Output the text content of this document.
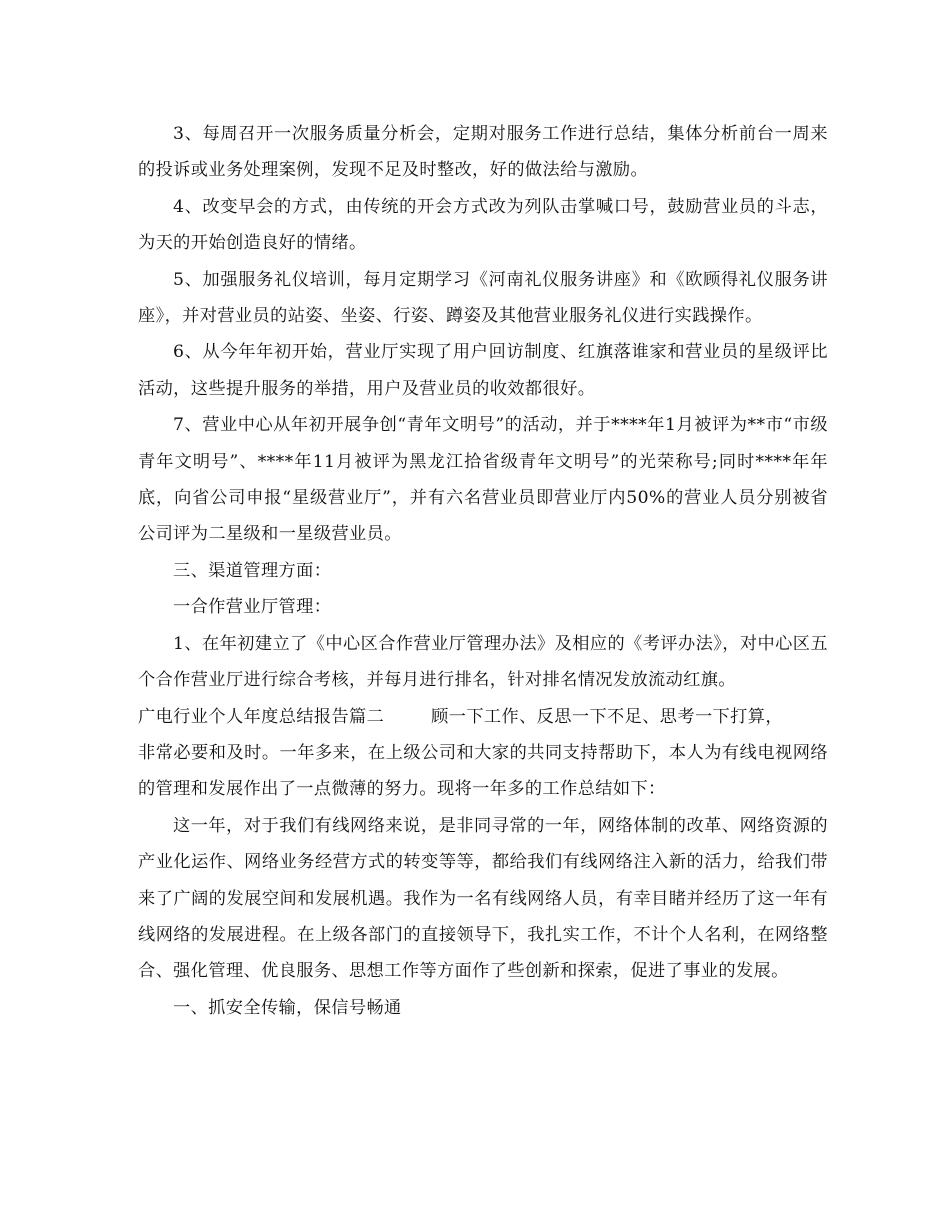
3、每周召开一次服务质量分析会，定期对服务工作进行总结，集体分析前台一周来的投诉或业务处理案例，发现不足及时整改，好的做法给与激励。

4、改变早会的方式，由传统的开会方式改为列队击掌喊口号，鼓励营业员的斗志，为天的开始创造良好的情绪。

5、加强服务礼仪培训，每月定期学习《河南礼仪服务讲座》和《欧顾得礼仪服务讲座》，并对营业员的站姿、坐姿、行姿、蹲姿及其他营业服务礼仪进行实践操作。

6、从今年年初开始，营业厅实现了用户回访制度、红旗落谁家和营业员的星级评比活动，这些提升服务的举措，用户及营业员的收效都很好。

7、营业中心从年初开展争创“青年文明号”的活动，并于****年1月被评为**市“市级青年文明号”、****年11月被评为黑龙江拾省级青年文明号”的光荣称号;同时****年年底，向省公司申报“星级营业厅”，并有六名营业员即营业厅内50%的营业人员分别被省公司评为二星级和一星级营业员。

三、渠道管理方面：

一合作营业厅管理：

1、在年初建立了《中心区合作营业厅管理办法》及相应的《考评办法》，对中心区五个合作营业厅进行综合考核，并每月进行排名，针对排名情况发放流动红旗。

广电行业个人年度总结报告篇二	顾一下工作、反思一下不足、思考一下打算，

非常必要和及时。一年多来，在上级公司和大家的共同支持帮助下，本人为有线电视网络的管理和发展作出了一点微薄的努力。现将一年多的工作总结如下：

这一年，对于我们有线网络来说，是非同寻常的一年，网络体制的改革、网络资源的产业化运作、网络业务经营方式的转变等等，都给我们有线网络注入新的活力，给我们带来了广阔的发展空间和发展机遇。我作为一名有线网络人员，有幸目睹并经历了这一年有线网络的发展进程。在上级各部门的直接领导下，我扎实工作，不计个人名利，在网络整合、强化管理、优良服务、思想工作等方面作了些创新和探索，促进了事业的发展。

一、抓安全传输，保信号畅通
